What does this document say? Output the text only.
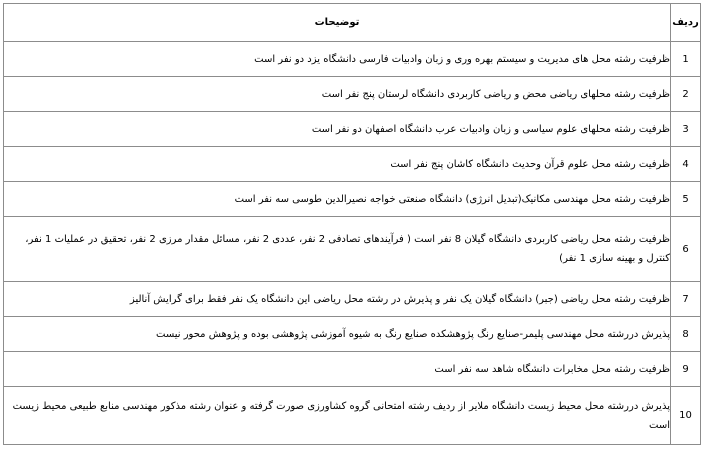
ردیف	توضیحات
1	ظرفیت رشته محل های مدیریت و سیستم بهره وری و زبان وادبیات فارسی دانشگاه یزد دو نفر است
2	ظرفیت رشته محلهای ریاضی محض و ریاضی کاربردی دانشگاه لرستان پنج نفر است
3	ظرفیت رشته محلهای علوم سیاسی و زبان وادبیات عرب دانشگاه اصفهان دو نفر است
4	ظرفیت رشته محل علوم قرآن وحدیث دانشگاه کاشان پنج نفر است
5	ظرفیت رشته محل مهندسی مکانیک(تبدیل انرژی) دانشگاه صنعتی خواجه نصیرالدین طوسی سه نفر است
6	ظرفیت رشته محل ریاضی کاربردی دانشگاه گیلان 8 نفر است ( فرآیندهای تصادفی 2 نفر، عددی 2 نفر، مسائل مقدار مرزی 2 نفر، تحقیق در عملیات 1 نفر، کنترل و بهینه سازی 1 نفر)
7	ظرفیت رشته محل ریاضی (جبر) دانشگاه گیلان یک نفر و پذیرش در رشته محل ریاضی این دانشگاه یک نفر فقط برای گرایش آنالیز
8	پذیرش دررشته محل مهندسی پلیمر-صنایع رنگ پژوهشکده صنایع رنگ به شیوه آموزشی پژوهشی بوده و پژوهش محور نیست
9	ظرفیت رشته محل مخابرات دانشگاه شاهد سه نفر است
10	پذیرش دررشته محل محیط زیست دانشگاه ملایر از ردیف رشته امتحانی گروه کشاورزی صورت گرفته و عنوان رشته مذکور مهندسی منابع طبیعی محیط زیست است
